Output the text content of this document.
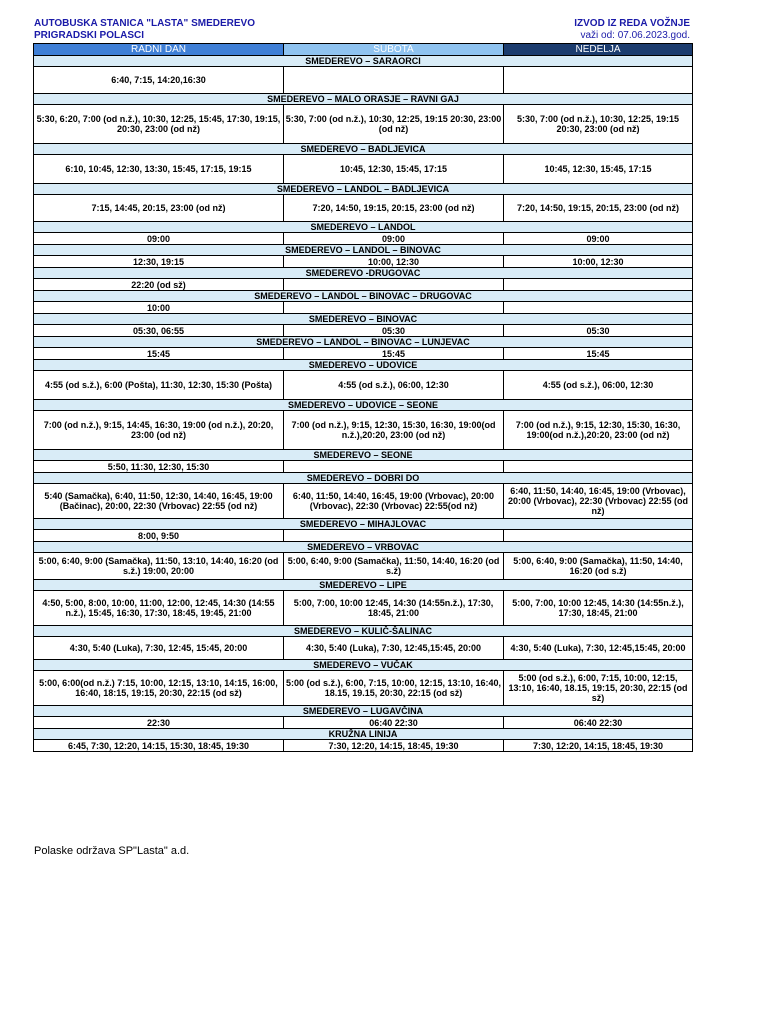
AUTOBUSKA STANICA "LASTA" SMEDEREVO
PRIGRADSKI POLASCI
IZVOD IZ REDA VOŽNJE
važi od: 07.06.2023.god.
RADNI DAN	SUBOTA	NEDELJA
SMEDEREVO – SARAORCI		
6:40, 7:15, 14:20,16:30		
SMEDEREVO – MALO ORASJE – RAVNI GAJ		
5:30, 6:20, 7:00 (od n.ž.), 10:30, 12:25, 15:45, 17:30, 19:15, 20:30, 23:00 (od nž)	5:30, 7:00 (od n.ž.), 10:30, 12:25, 19:15 20:30, 23:00 (od nž)	5:30, 7:00 (od n.ž.), 10:30, 12:25, 19:15 20:30, 23:00 (od nž)
SMEDEREVO – BADLJEVICA		
6:10, 10:45, 12:30, 13:30, 15:45, 17:15, 19:15	10:45, 12:30, 15:45, 17:15	10:45, 12:30, 15:45, 17:15
SMEDEREVO – LANDOL – BADLJEVICA		
7:15, 14:45, 20:15, 23:00 (od nž)	7:20, 14:50, 19:15, 20:15, 23:00 (od nž)	7:20, 14:50, 19:15, 20:15, 23:00 (od nž)
SMEDEREVO – LANDOL		
09:00	09:00	09:00
SMEDEREVO – LANDOL – BINOVAC		
12:30, 19:15	10:00, 12:30	10:00, 12:30
SMEDEREVO -DRUGOVAC		
22:20 (od sž)		
SMEDEREVO – LANDOL – BINOVAC – DRUGOVAC		
10:00		
SMEDEREVO – BINOVAC		
05:30, 06:55	05:30	05:30
SMEDEREVO – LANDOL – BINOVAC – LUNJEVAC		
15:45	15:45	15:45
SMEDEREVO – UDOVICE		
4:55 (od s.ž.), 6:00 (Pošta), 11:30, 12:30, 15:30 (Pošta)	4:55 (od s.ž.), 06:00, 12:30	4:55 (od s.ž.), 06:00, 12:30
SMEDEREVO – UDOVICE – SEONE		
7:00 (od n.ž.), 9:15, 14:45, 16:30, 19:00 (od n.ž.), 20:20, 23:00 (od nž)	7:00 (od n.ž.), 9:15, 12:30, 15:30, 16:30, 19:00(od n.ž.),20:20, 23:00 (od nž)	7:00 (od n.ž.), 9:15, 12:30, 15:30, 16:30, 19:00(od n.ž.),20:20, 23:00 (od nž)
SMEDEREVO – SEONE		
5:50, 11:30, 12:30, 15:30		
SMEDEREVO – DOBRI DO		
5:40 (Samačka), 6:40, 11:50, 12:30, 14:40, 16:45, 19:00 (Bačinac), 20:00, 22:30 (Vrbovac) 22:55 (od nž)	6:40, 11:50, 14:40, 16:45, 19:00 (Vrbovac), 20:00 (Vrbovac), 22:30 (Vrbovac) 22:55(od nž)	6:40, 11:50, 14:40, 16:45, 19:00 (Vrbovac), 20:00 (Vrbovac), 22:30 (Vrbovac) 22:55 (od nž)
SMEDEREVO – MIHAJLOVAC		
8:00, 9:50		
SMEDEREVO – VRBOVAC		
5:00, 6:40, 9:00 (Samačka), 11:50, 13:10, 14:40, 16:20 (od s.ž.) 19:00, 20:00	5:00, 6:40, 9:00 (Samačka), 11:50, 14:40, 16:20 (od s.ž)	5:00, 6:40, 9:00 (Samačka), 11:50, 14:40, 16:20 (od s.ž)
SMEDEREVO – LIPE		
4:50, 5:00, 8:00, 10:00, 11:00, 12:00, 12:45, 14:30 (14:55 n.ž.), 15:45, 16:30, 17:30, 18:45, 19:45, 21:00	5:00, 7:00, 10:00 12:45, 14:30 (14:55n.ž.), 17:30, 18:45, 21:00	5:00, 7:00, 10:00 12:45, 14:30 (14:55n.ž.), 17:30, 18:45, 21:00
SMEDEREVO – KULIČ-ŠALINAC		
4:30, 5:40 (Luka), 7:30, 12:45, 15:45, 20:00	4:30, 5:40 (Luka), 7:30, 12:45,15:45, 20:00	4:30, 5:40 (Luka), 7:30, 12:45,15:45, 20:00
SMEDEREVO – VUČAK		
5:00, 6:00(od n.ž.) 7:15, 10:00, 12:15, 13:10, 14:15, 16:00, 16:40, 18:15, 19:15, 20:30, 22:15 (od sž)	5:00 (od s.ž.), 6:00, 7:15, 10:00, 12:15, 13:10, 16:40, 18.15, 19.15, 20:30, 22:15 (od sž)	5:00 (od s.ž.), 6:00, 7:15, 10:00, 12:15, 13:10, 16:40, 18.15, 19:15, 20:30, 22:15 (od sž)
SMEDEREVO – LUGAVČINA		
22:30	06:40 22:30	06:40 22:30
KRUŽNA LINIJA		
6:45, 7:30, 12:20, 14:15, 15:30, 18:45, 19:30	7:30, 12:20, 14:15, 18:45, 19:30	7:30, 12:20, 14:15, 18:45, 19:30
Polaske održava SP"Lasta" a.d.
